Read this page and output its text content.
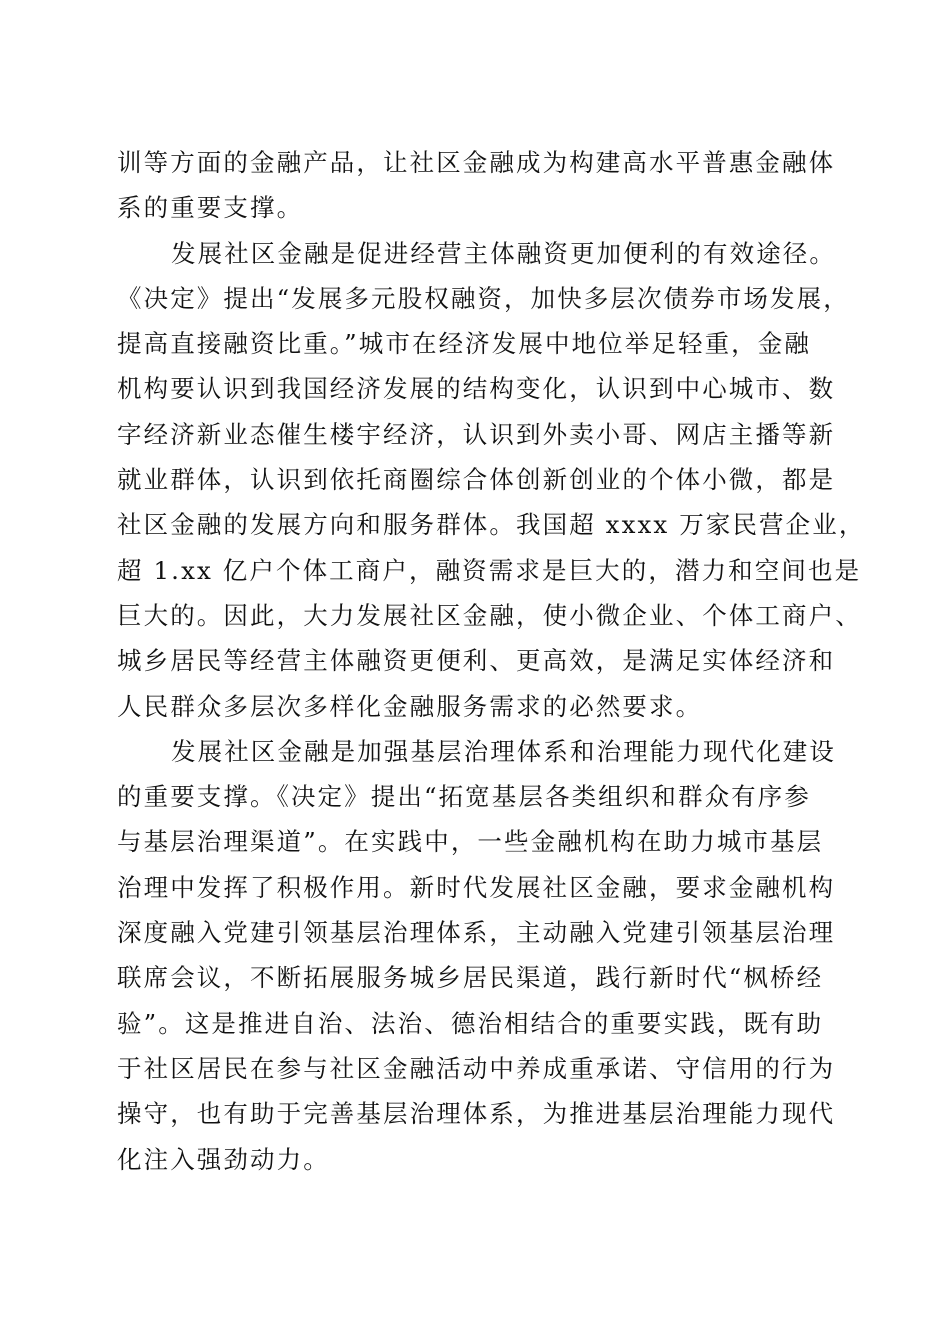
训等方面的金融产品，让社区金融成为构建高水平普惠金融体
系的重要支撑。
发展社区金融是促进经营主体融资更加便利的有效途径。
《决定》提出“发展多元股权融资，加快多层次债券市场发展，
提高直接融资比重。”城市在经济发展中地位举足轻重，金融
机构要认识到我国经济发展的结构变化，认识到中心城市、数
字经济新业态催生楼宇经济，认识到外卖小哥、网店主播等新
就业群体，认识到依托商圈综合体创新创业的个体小微，都是
社区金融的发展方向和服务群体。我国超 xxxx 万家民营企业，
超 1.xx 亿户个体工商户，融资需求是巨大的，潜力和空间也是
巨大的。因此，大力发展社区金融，使小微企业、个体工商户、
城乡居民等经营主体融资更便利、更高效，是满足实体经济和
人民群众多层次多样化金融服务需求的必然要求。
发展社区金融是加强基层治理体系和治理能力现代化建设
的重要支撑。《决定》提出“拓宽基层各类组织和群众有序参
与基层治理渠道”。在实践中，一些金融机构在助力城市基层
治理中发挥了积极作用。新时代发展社区金融，要求金融机构
深度融入党建引领基层治理体系，主动融入党建引领基层治理
联席会议，不断拓展服务城乡居民渠道，践行新时代“枫桥经
验”。这是推进自治、法治、德治相结合的重要实践，既有助
于社区居民在参与社区金融活动中养成重承诺、守信用的行为
操守，也有助于完善基层治理体系，为推进基层治理能力现代
化注入强劲动力。
